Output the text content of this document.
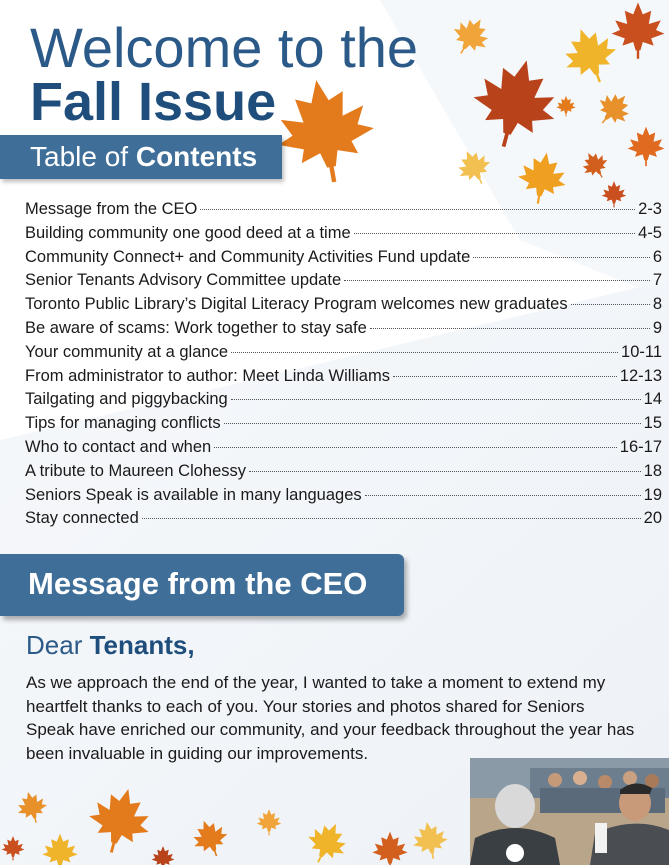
Welcome to the
Fall Issue
Table of Contents
Message from the CEO	2-3
Building community one good deed at a time	4-5
Community Connect+ and Community Activities Fund update	6
Senior Tenants Advisory Committee update	7
Toronto Public Library’s Digital Literacy Program welcomes new graduates	8
Be aware of scams: Work together to stay safe	9
Your community at a glance	10-11
From administrator to author: Meet Linda Williams	12-13
Tailgating and piggybacking	14
Tips for managing conflicts	15
Who to contact and when	16-17
A tribute to Maureen Clohessy	18
Seniors Speak is available in many languages	19
Stay connected	20
Message from the CEO
Dear Tenants,
As we approach the end of the year, I wanted to take a moment to extend my heartfelt thanks to each of you. Your stories and photos shared for Seniors Speak have enriched our community, and your feedback throughout the year has been invaluable in guiding our improvements.
